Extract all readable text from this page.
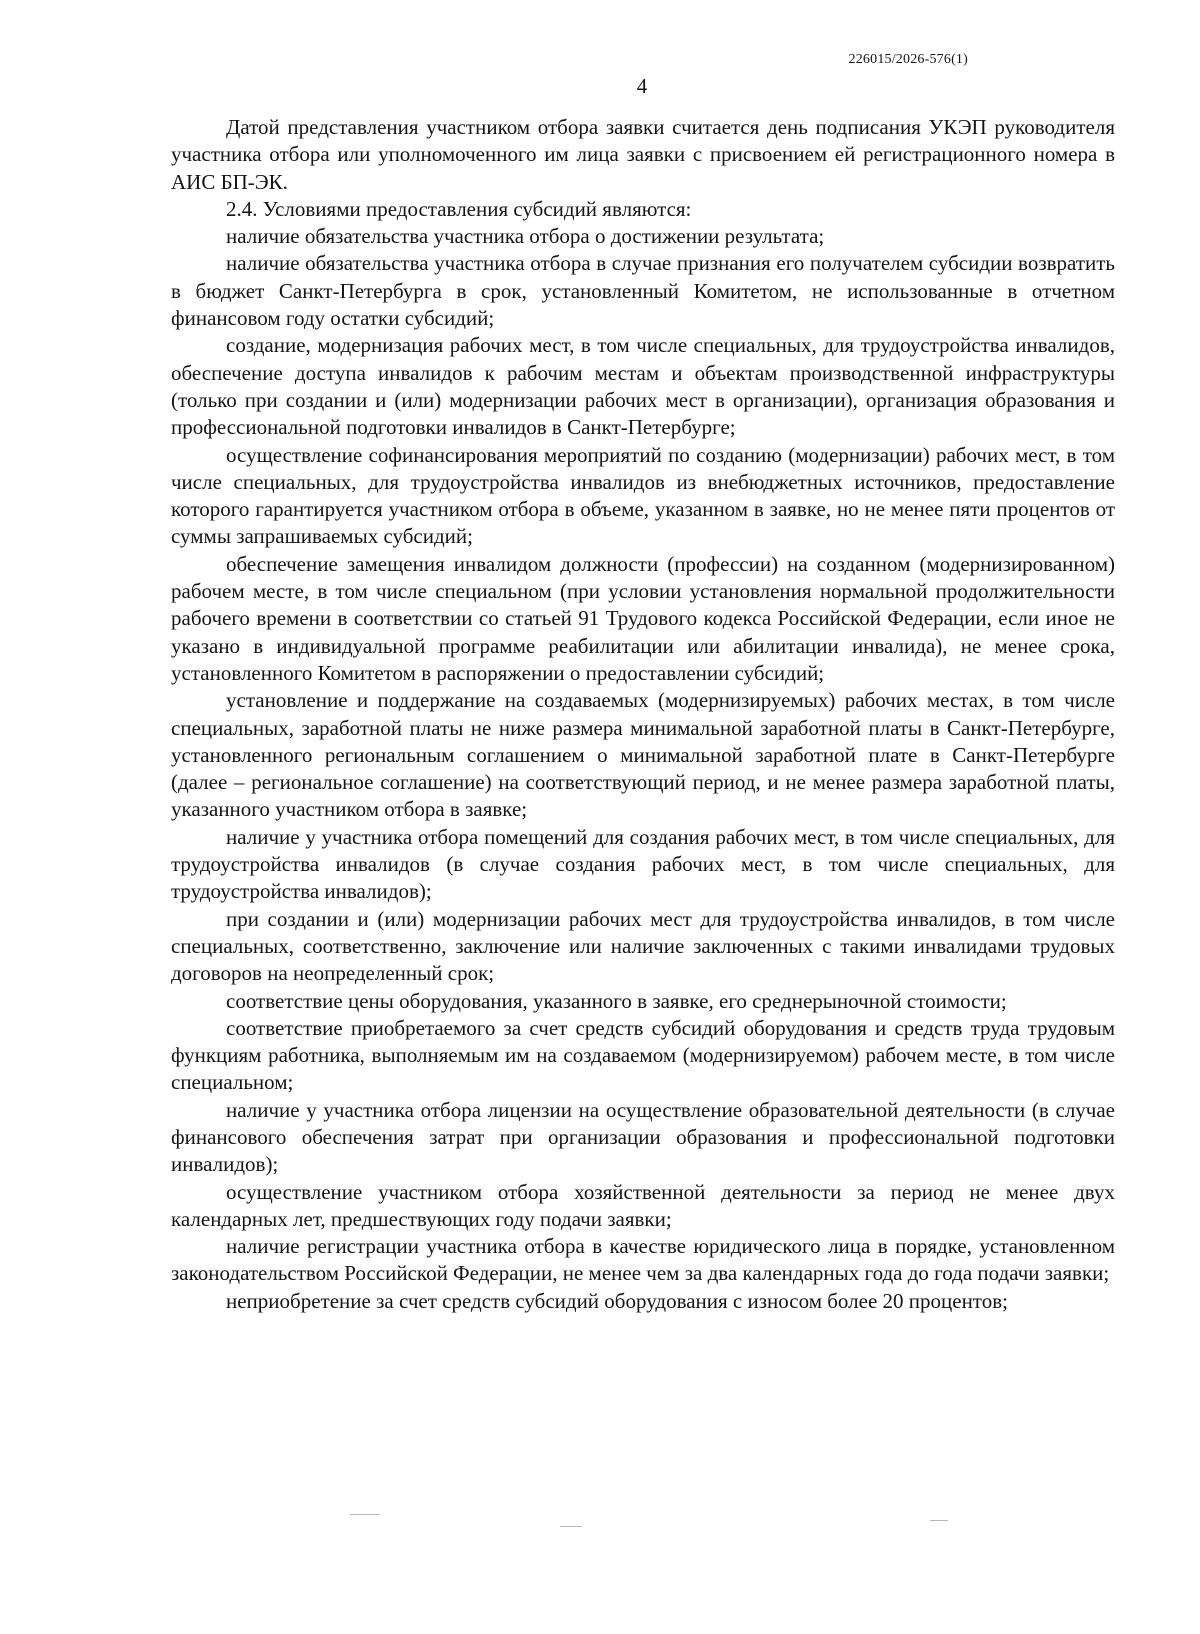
226015/2026-576(1)
4

Датой представления участником отбора заявки считается день подписания УКЭП руководителя участника отбора или уполномоченного им лица заявки с присвоением ей регистрационного номера в АИС БП-ЭК.

2.4. Условиями предоставления субсидий являются:

наличие обязательства участника отбора о достижении результата;

наличие обязательства участника отбора в случае признания его получателем субсидии возвратить в бюджет Санкт-Петербурга в срок, установленный Комитетом, не использованные в отчетном финансовом году остатки субсидий;

создание, модернизация рабочих мест, в том числе специальных, для трудоустройства инвалидов, обеспечение доступа инвалидов к рабочим местам и объектам производственной инфраструктуры (только при создании и (или) модернизации рабочих мест в организации), организация образования и профессиональной подготовки инвалидов в Санкт-Петербурге;

осуществление софинансирования мероприятий по созданию (модернизации) рабочих мест, в том числе специальных, для трудоустройства инвалидов из внебюджетных источников, предоставление которого гарантируется участником отбора в объеме, указанном в заявке, но не менее пяти процентов от суммы запрашиваемых субсидий;

обеспечение замещения инвалидом должности (профессии) на созданном (модернизированном) рабочем месте, в том числе специальном (при условии установления нормальной продолжительности рабочего времени в соответствии со статьей 91 Трудового кодекса Российской Федерации, если иное не указано в индивидуальной программе реабилитации или абилитации инвалида), не менее срока, установленного Комитетом в распоряжении о предоставлении субсидий;

установление и поддержание на создаваемых (модернизируемых) рабочих местах, в том числе специальных, заработной платы не ниже размера минимальной заработной платы в Санкт-Петербурге, установленного региональным соглашением о минимальной заработной плате в Санкт-Петербурге (далее – региональное соглашение) на соответствующий период, и не менее размера заработной платы, указанного участником отбора в заявке;

наличие у участника отбора помещений для создания рабочих мест, в том числе специальных, для трудоустройства инвалидов (в случае создания рабочих мест, в том числе специальных, для трудоустройства инвалидов);

при создании и (или) модернизации рабочих мест для трудоустройства инвалидов, в том числе специальных, соответственно, заключение или наличие заключенных с такими инвалидами трудовых договоров на неопределенный срок;

соответствие цены оборудования, указанного в заявке, его среднерыночной стоимости;

соответствие приобретаемого за счет средств субсидий оборудования и средств труда трудовым функциям работника, выполняемым им на создаваемом (модернизируемом) рабочем месте, в том числе специальном;

наличие у участника отбора лицензии на осуществление образовательной деятельности (в случае финансового обеспечения затрат при организации образования и профессиональной подготовки инвалидов);

осуществление участником отбора хозяйственной деятельности за период не менее двух календарных лет, предшествующих году подачи заявки;

наличие регистрации участника отбора в качестве юридического лица в порядке, установленном законодательством Российской Федерации, не менее чем за два календарных года до года подачи заявки;

неприобретение за счет средств субсидий оборудования с износом более 20 процентов;
